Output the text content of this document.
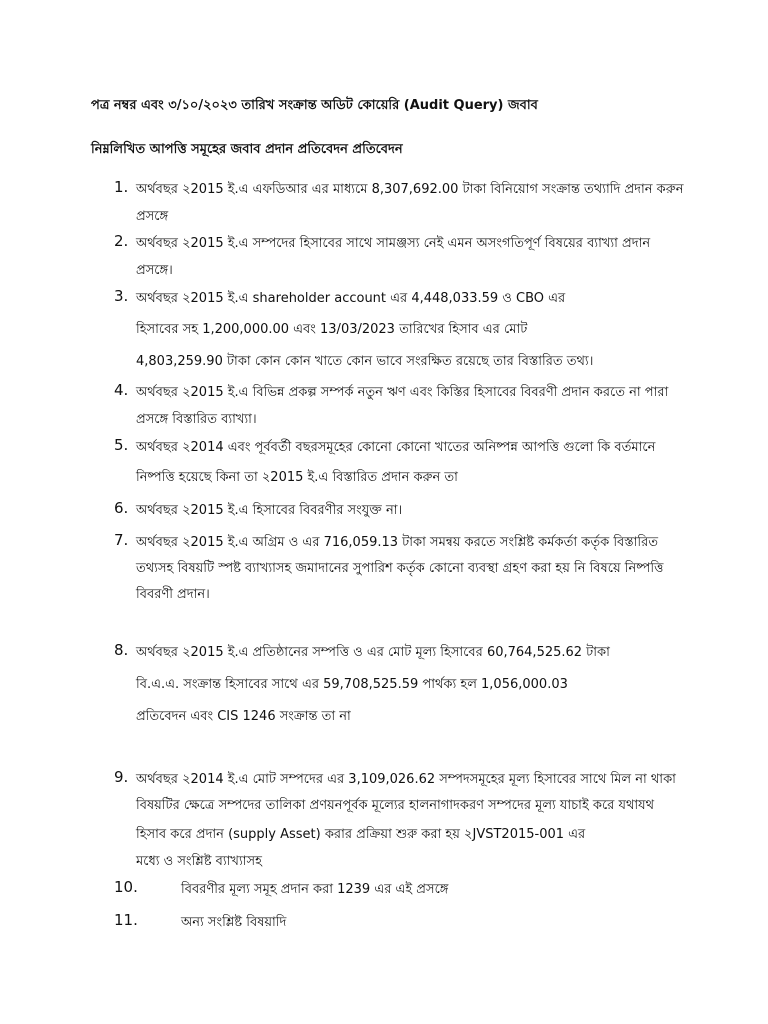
পত্র নম্বর এবং ৩/১০/২০২৩ তারিখ সংক্রান্ত অডিট কোয়েরি (Audit Query) জবাব
নিম্নলিখিত আপত্তি সমূহের জবাব প্রদান প্রতিবেদন প্রতিবেদন
1. অর্থবছর ২2015 ই.এ এফডিআর এর মাধ্যমে 8,307,692.00 টাকা বিনিয়োগ সংক্রান্ত তথ্যাদি প্রদান করুন
প্রসঙ্গে
2. অর্থবছর ২2015 ই.এ সম্পদের হিসাবের সাথে সামঞ্জস্য নেই এমন অসংগতিপূর্ণ বিষয়ের ব্যাখ্যা প্রদান
প্রসঙ্গে।
3. অর্থবছর ২2015 ই.এ shareholder account এর 4,448,033.59 ও CBO এর
হিসাবের সহ 1,200,000.00 এবং 13/03/2023 তারিখের হিসাব এর মোট
4,803,259.90 টাকা কোন কোন খাতে কোন ভাবে সংরক্ষিত রয়েছে তার বিস্তারিত তথ্য।
4. অর্থবছর ২2015 ই.এ বিভিন্ন প্রকল্প সম্পর্ক নতুন ঋণ এবং কিস্তির হিসাবের বিবরণী প্রদান করতে না পারা
প্রসঙ্গে বিস্তারিত ব্যাখ্যা।
5. অর্থবছর ২2014 এবং পূর্ববর্তী বছরসমূহের কোনো কোনো খাতের অনিষ্পন্ন আপত্তি গুলো কি বর্তমানে
নিষ্পত্তি হয়েছে কিনা তা ২2015 ই.এ বিস্তারিত প্রদান করুন তা
6. অর্থবছর ২2015 ই.এ হিসাবের বিবরণীর সংযুক্ত না।
7. অর্থবছর ২2015 ই.এ অগ্রিম ও এর 716,059.13 টাকা সমন্বয় করতে সংশ্লিষ্ট কর্মকর্তা কর্তৃক বিস্তারিত
তথ্যসহ বিষয়টি স্পষ্ট ব্যাখ্যাসহ জমাদানের সুপারিশ কর্তৃক কোনো ব্যবস্থা গ্রহণ করা হয় নি বিষয়ে নিষ্পত্তি
বিবরণী প্রদান।
8. অর্থবছর ২2015 ই.এ প্রতিষ্ঠানের সম্পত্তি ও এর মোট মূল্য হিসাবের 60,764,525.62 টাকা
বি.এ.এ. সংক্রান্ত হিসাবের সাথে এর 59,708,525.59 পার্থক্য হল 1,056,000.03
প্রতিবেদন এবং CIS 1246 সংক্রান্ত তা না
9. অর্থবছর ২2014 ই.এ মোট সম্পদের এর 3,109,026.62 সম্পদসমূহের মূল্য হিসাবের সাথে মিল না থাকা
বিষয়টির ক্ষেত্রে সম্পদের তালিকা প্রণয়নপূর্বক মূল্যের হালনাগাদকরণ সম্পদের মূল্য যাচাই করে যথাযথ
হিসাব করে প্রদান (supply Asset) করার প্রক্রিয়া শুরু করা হয় ২JVST2015-001 এর
মধ্যে ও সংশ্লিষ্ট ব্যাখ্যাসহ
10.	বিবরণীর মূল্য সমূহ প্রদান করা 1239 এর এই প্রসঙ্গে
11.	অন্য সংশ্লিষ্ট বিষয়াদি
